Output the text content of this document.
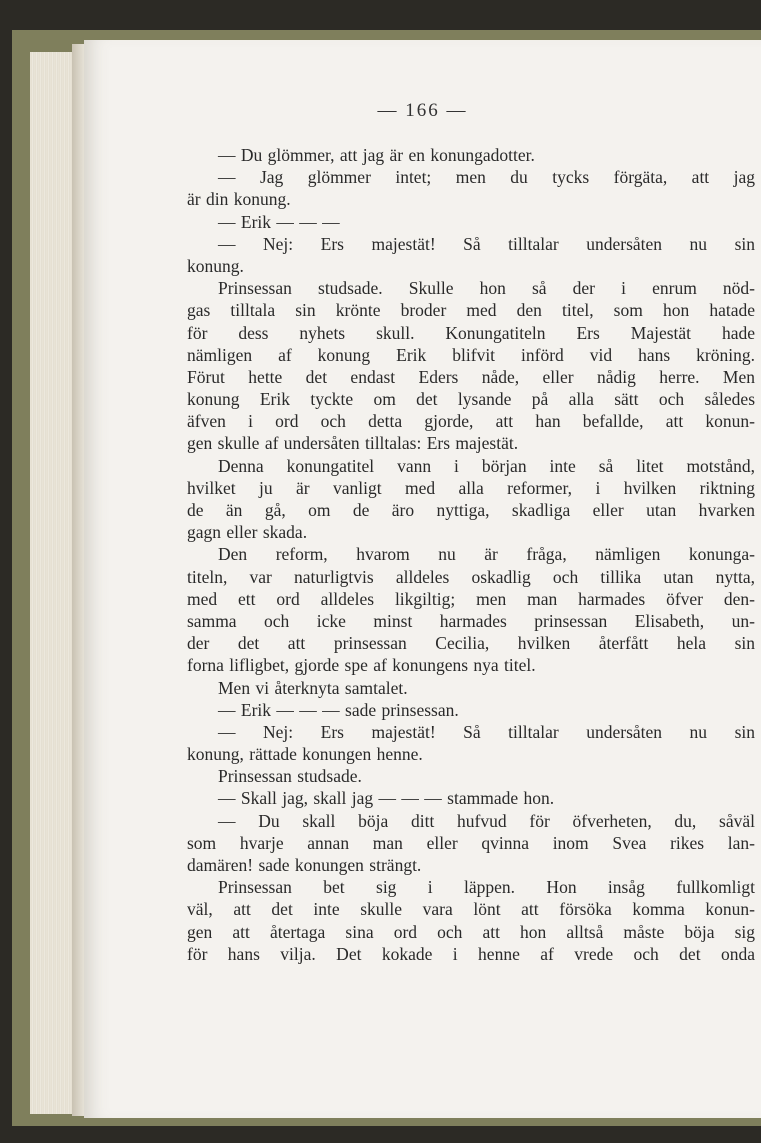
— 166 —
— Du glömmer, att jag är en konungadotter.
— Jag glömmer intet; men du tycks förgäta, att jag
är din konung.
— Erik — — —
— Nej: Ers majestät! Så tilltalar undersåten nu sin
konung.
Prinsessan studsade. Skulle hon så der i enrum nöd-
gas tilltala sin krönte broder med den titel, som hon hatade
för dess nyhets skull. Konungatiteln Ers Majestät hade
nämligen af konung Erik blifvit införd vid hans kröning.
Förut hette det endast Eders nåde, eller nådig herre. Men
konung Erik tyckte om det lysande på alla sätt och således
äfven i ord och detta gjorde, att han befallde, att konun-
gen skulle af undersåten tilltalas: Ers majestät.
Denna konungatitel vann i början inte så litet motstånd,
hvilket ju är vanligt med alla reformer, i hvilken riktning
de än gå, om de äro nyttiga, skadliga eller utan hvarken
gagn eller skada.
Den reform, hvarom nu är fråga, nämligen konunga-
titeln, var naturligtvis alldeles oskadlig och tillika utan nytta,
med ett ord alldeles likgiltig; men man harmades öfver den-
samma och icke minst harmades prinsessan Elisabeth, un-
der det att prinsessan Cecilia, hvilken återfått hela sin
forna lifligbet, gjorde spe af konungens nya titel.
Men vi återknyta samtalet.
— Erik — — — sade prinsessan.
— Nej: Ers majestät! Så tilltalar undersåten nu sin
konung, rättade konungen henne.
Prinsessan studsade.
— Skall jag, skall jag — — — stammade hon.
— Du skall böja ditt hufvud för öfverheten, du, såväl
som hvarje annan man eller qvinna inom Svea rikes lan-
damären! sade konungen strängt.
Prinsessan bet sig i läppen. Hon insåg fullkomligt
väl, att det inte skulle vara lönt att försöka komma konun-
gen att återtaga sina ord och att hon alltså måste böja sig
för hans vilja. Det kokade i henne af vrede och det onda
